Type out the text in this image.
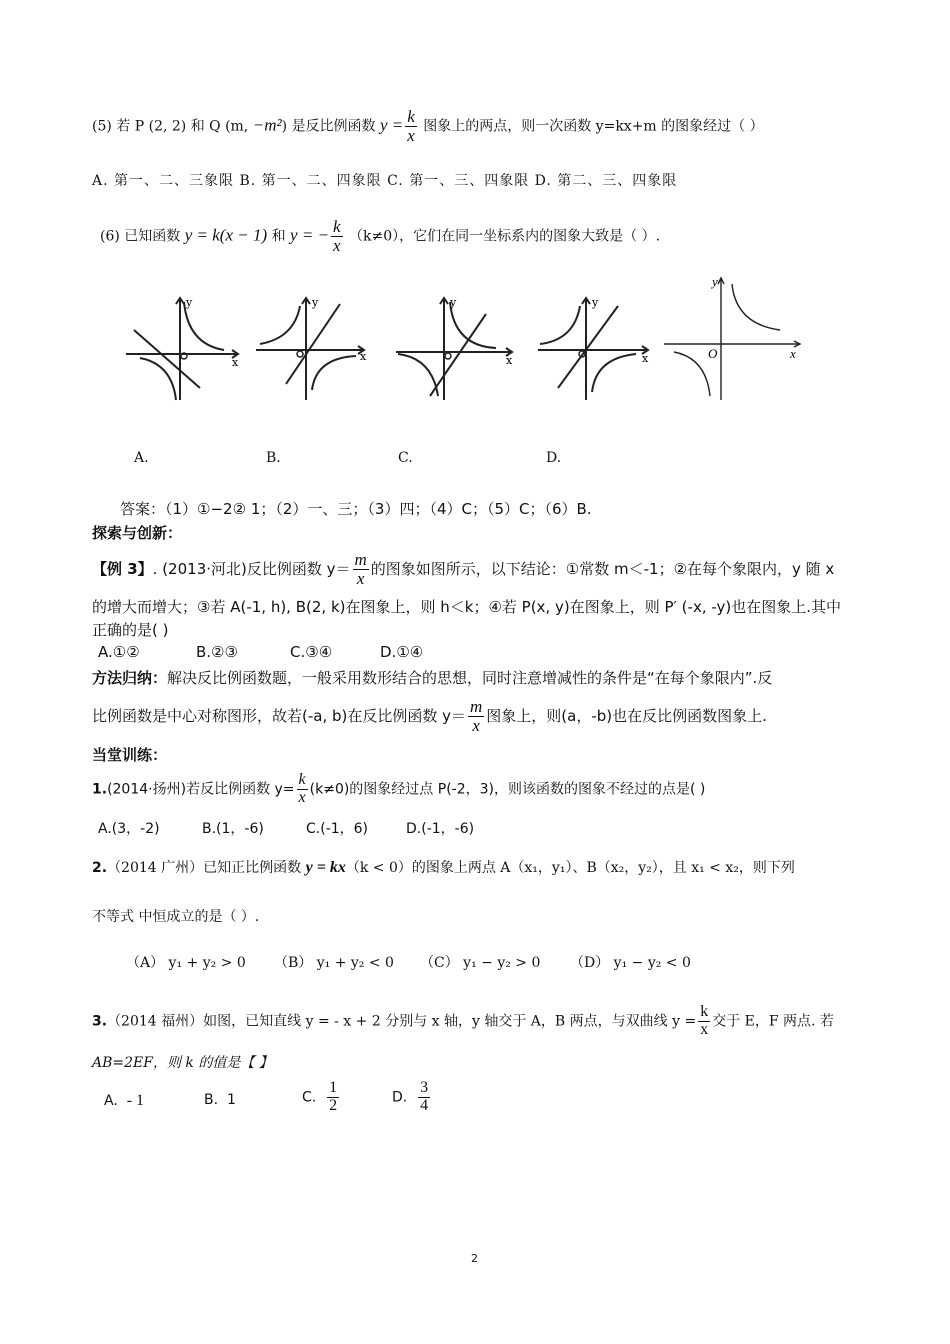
(5) 若 P (2, 2) 和 Q (m, −m²) 是反比例函数 $y = \frac{k}{x}$ 图象上的两点，则一次函数 y=kx+m 的图象经过（ ）
A. 第一、二、三象限 B. 第一、二、四象限 C. 第一、三、四象限 D. 第二、三、四象限
(6) 已知函数 y = k(x − 1) 和 y = − $\frac{k}{x} (k\ne 0)$，它们在同一坐标系内的图象大致是（ ）.
y
x
y
x
y
x
y
x
y
x
O
A.	B.	C.	D.
答案：（1）①−2② 1；（2）一、三；（3）四；（4）C；（5）C；（6）B.
探索与创新：
【例 3】. (2013·河北)反比例函数 $y= \frac{m}{x}$ 的图象如图所示，以下结论：①常数 m＜-1；②在每个象限内，y 随 x
的增大而增大；③若 A(-1, h), B(2, k)在图象上，则 h＜k；④若 P(x, y)在图象上，则 P′ (-x, -y)也在图象上.其中
正确的是( )
A.①②	B.②③	C.③④	D.①④
方法归纳：解决反比例函数题，一般采用数形结合的思想，同时注意增减性的条件是“在每个象限内”.反
比例函数是中心对称图形，故若(-a, b)在反比例函数 $y= \frac{m}{x}$ 图象上，则(a，-b)也在反比例函数图象上.
当堂训练：
1.(2014·扬州)若反比例函数 $y= \frac{k}{x} (k\ne 0)$的图象经过点 P(-2，3)，则该函数的图象不经过的点是( )
A.(3，-2)	B.(1，-6)	C.(-1，6)	D.(-1，-6)
2.（2014 广州）已知正比例函数 y = kx（k < 0）的图象上两点 A（x₁，y₁）、B（x₂，y₂），且 x₁ < x₂，则下列
不等式 中恒成立的是（ ）.
（A） y₁ + y₂ > 0 （B） y₁ + y₂ < 0 （C） y₁ − y₂ > 0 （D） y₁ − y₂ < 0
3.（2014 福州）如图，已知直线 y = - x + 2 分别与 x 轴，y 轴交于 A，B 两点，与双曲线 $y = \frac{k}{x}$ 交于 E，F 两点. 若
AB=2EF，则 k 的值是【 】
A. - 1	B. 1	C. $\frac{1}{2}$	D. $\frac{3}{4}$
2
